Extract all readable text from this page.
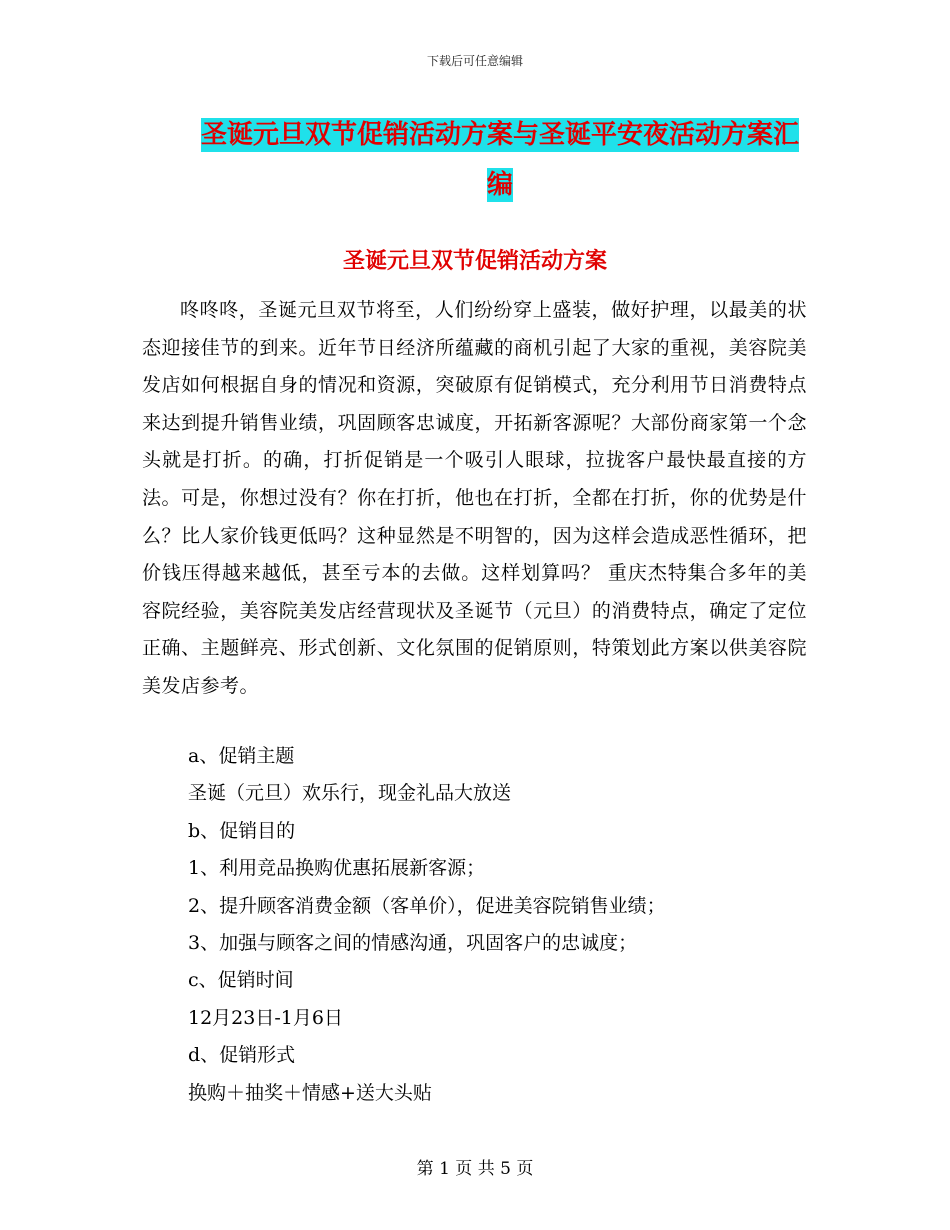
下载后可任意编辑
圣诞元旦双节促销活动方案与圣诞平安夜活动方案汇
编
圣诞元旦双节促销活动方案

咚咚咚，圣诞元旦双节将至，人们纷纷穿上盛装，做好护理，以最美的状态迎接佳节的到来。近年节日经济所蕴藏的商机引起了大家的重视，美容院美发店如何根据自身的情况和资源，突破原有促销模式，充分利用节日消费特点来达到提升销售业绩，巩固顾客忠诚度，开拓新客源呢？大部份商家第一个念头就是打折。的确，打折促销是一个吸引人眼球，拉拢客户最快最直接的方法。可是，你想过没有？你在打折，他也在打折，全都在打折，你的优势是什么？比人家价钱更低吗？这种显然是不明智的，因为这样会造成恶性循环，把价钱压得越来越低，甚至亏本的去做。这样划算吗？ 重庆杰特集合多年的美容院经验，美容院美发店经营现状及圣诞节（元旦）的消费特点，确定了定位正确、主题鲜亮、形式创新、文化氛围的促销原则，特策划此方案以供美容院美发店参考。

a、促销主题
圣诞（元旦）欢乐行，现金礼品大放送
b、促销目的
1、利用竞品换购优惠拓展新客源；
2、提升顾客消费金额（客单价），促进美容院销售业绩；
3、加强与顾客之间的情感沟通，巩固客户的忠诚度；
c、促销时间
12月23日-1月6日
d、促销形式
换购＋抽奖＋情感+送大头贴
第 1 页 共 5 页
